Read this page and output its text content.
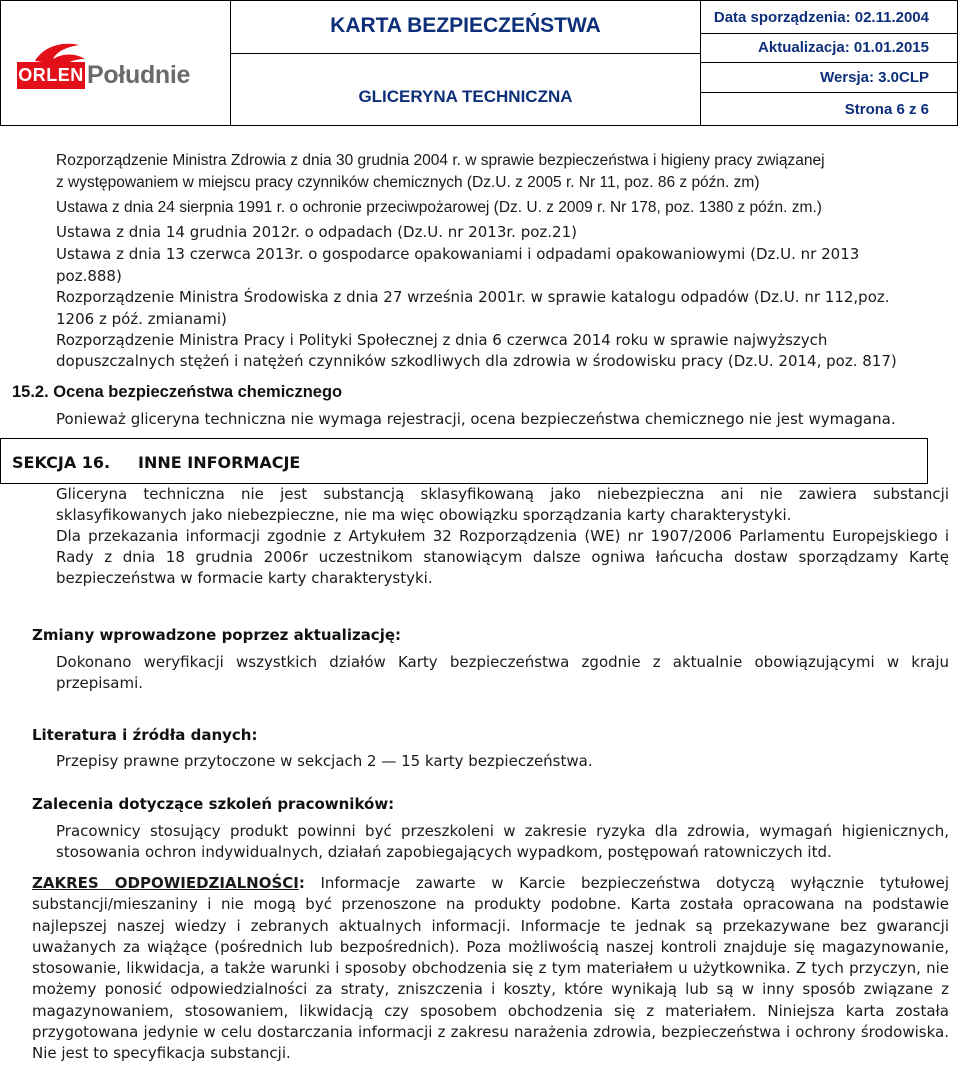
ORLEN Południe
KARTA BEZPIECZEŃSTWA
GLICERYNA TECHNICZNA
Data sporządzenia: 02.11.2004
Aktualizacja: 01.01.2015
Wersja: 3.0CLP
Strona 6 z 6
Rozporządzenie Ministra Zdrowia z dnia 30 grudnia 2004 r. w sprawie bezpieczeństwa i higieny pracy związanej
z występowaniem w miejscu pracy czynników chemicznych (Dz.U. z 2005 r. Nr 11, poz. 86 z późn. zm)
Ustawa z dnia 24 sierpnia 1991 r. o ochronie przeciwpożarowej (Dz. U. z 2009 r. Nr 178, poz. 1380 z późn. zm.)
Ustawa z dnia 14 grudnia 2012r. o odpadach (Dz.U. nr 2013r. poz.21)
Ustawa z dnia 13 czerwca 2013r. o gospodarce opakowaniami i odpadami opakowaniowymi (Dz.U. nr 2013
poz.888)
Rozporządzenie Ministra Środowiska z dnia 27 września 2001r. w sprawie katalogu odpadów (Dz.U. nr 112,poz.
1206 z póź. zmianami)
Rozporządzenie Ministra Pracy i Polityki Społecznej z dnia 6 czerwca 2014 roku w sprawie najwyższych
dopuszczalnych stężeń i natężeń czynników szkodliwych dla zdrowia w środowisku pracy (Dz.U. 2014, poz. 817)
15.2. Ocena bezpieczeństwa chemicznego
Ponieważ gliceryna techniczna nie wymaga rejestracji, ocena bezpieczeństwa chemicznego nie jest wymagana.
SEKCJA 16. INNE INFORMACJE
Gliceryna techniczna nie jest substancją sklasyfikowaną jako niebezpieczna ani nie zawiera substancji sklasyfikowanych jako niebezpieczne, nie ma więc obowiązku sporządzania karty charakterystyki.
Dla przekazania informacji zgodnie z Artykułem 32 Rozporządzenia (WE) nr 1907/2006 Parlamentu Europejskiego i Rady z dnia 18 grudnia 2006r uczestnikom stanowiącym dalsze ogniwa łańcucha dostaw sporządzamy Kartę bezpieczeństwa w formacie karty charakterystyki.
Zmiany wprowadzone poprzez aktualizację:
Dokonano weryfikacji wszystkich działów Karty bezpieczeństwa zgodnie z aktualnie obowiązującymi w kraju przepisami.
Literatura i źródła danych:
Przepisy prawne przytoczone w sekcjach 2 — 15 karty bezpieczeństwa.
Zalecenia dotyczące szkoleń pracowników:
Pracownicy stosujący produkt powinni być przeszkoleni w zakresie ryzyka dla zdrowia, wymagań higienicznych, stosowania ochron indywidualnych, działań zapobiegających wypadkom, postępowań ratowniczych itd.
ZAKRES ODPOWIEDZIALNOŚCI: Informacje zawarte w Karcie bezpieczeństwa dotyczą wyłącznie tytułowej substancji/mieszaniny i nie mogą być przenoszone na produkty podobne. Karta została opracowana na podstawie najlepszej naszej wiedzy i zebranych aktualnych informacji. Informacje te jednak są przekazywane bez gwarancji uważanych za wiążące (pośrednich lub bezpośrednich). Poza możliwością naszej kontroli znajduje się magazynowanie, stosowanie, likwidacja, a także warunki i sposoby obchodzenia się z tym materiałem u użytkownika. Z tych przyczyn, nie możemy ponosić odpowiedzialności za straty, zniszczenia i koszty, które wynikają lub są w inny sposób związane z magazynowaniem, stosowaniem, likwidacją czy sposobem obchodzenia się z materiałem. Niniejsza karta została przygotowana jedynie w celu dostarczania informacji z zakresu narażenia zdrowia, bezpieczeństwa i ochrony środowiska. Nie jest to specyfikacja substancji.
